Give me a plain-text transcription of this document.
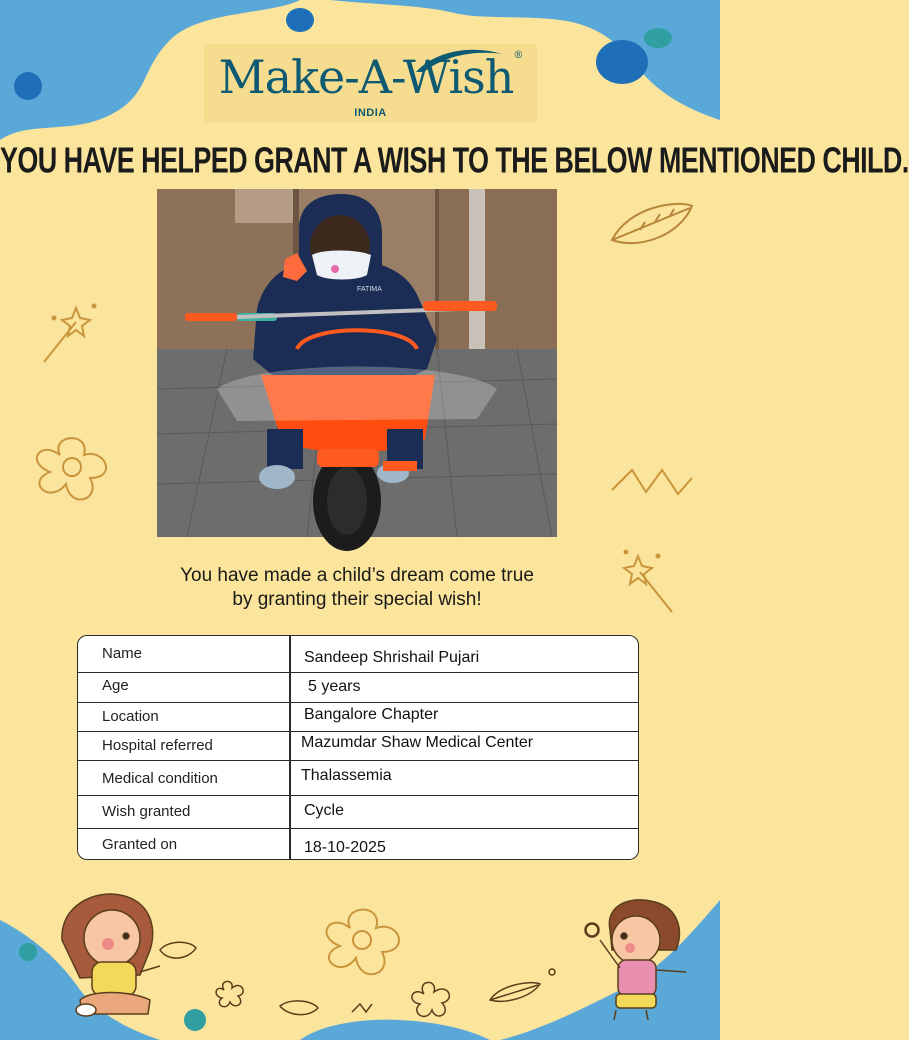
Make-A-Wish®
INDIA
YOU HAVE HELPED GRANT A WISH TO THE BELOW MENTIONED CHILD.
FATIMA
You have made a child’s dream come true
by granting their special wish!
Name	Sandeep Shrishail Pujari
Age	5 years
Location	Bangalore Chapter
Hospital referred	Mazumdar Shaw Medical Center
Medical condition	Thalassemia
Wish granted	Cycle
Granted on	18-10-2025
